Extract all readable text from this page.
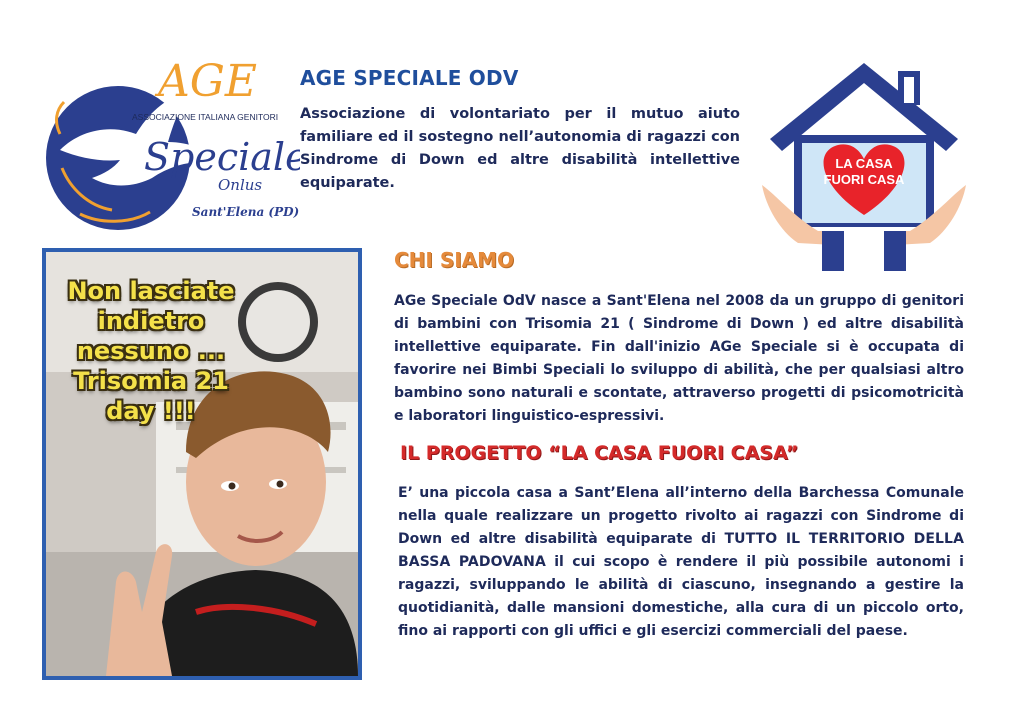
AGE
ASSOCIAZIONE ITALIANA GENITORI
Speciale
Onlus
Sant'Elena (PD)
AGE SPECIALE ODV

Associazione di volontariato per il mutuo aiuto familiare ed il sostegno nell’autonomia di ragazzi con Sindrome di Down ed altre disabilità intellettive equiparate.

LA CASA
FUORI CASA

Non lasciate indietro nessuno ... Trisomia 21 day !!!

CHI SIAMO

AGe Speciale OdV nasce a Sant'Elena nel 2008 da un gruppo di genitori di bambini con Trisomia 21 ( Sindrome di Down ) ed altre disabilità intellettive equiparate. Fin dall'inizio AGe Speciale si è occupata di favorire nei Bimbi Speciali lo sviluppo di abilità, che per qualsiasi altro bambino sono naturali e scontate, attraverso progetti di psicomotricità e laboratori linguistico-espressivi.

IL PROGETTO “LA CASA FUORI CASA”

E’ una piccola casa a Sant’Elena all’interno della Barchessa Comunale nella quale realizzare un progetto rivolto ai ragazzi con Sindrome di Down ed altre disabilità equiparate di TUTTO IL TERRITORIO DELLA BASSA PADOVANA il cui scopo è rendere il più possibile autonomi i ragazzi, sviluppando le abilità di ciascuno, insegnando a gestire la quotidianità, dalle mansioni domestiche, alla cura di un piccolo orto, fino ai rapporti con gli uffici e gli esercizi commerciali del paese.
